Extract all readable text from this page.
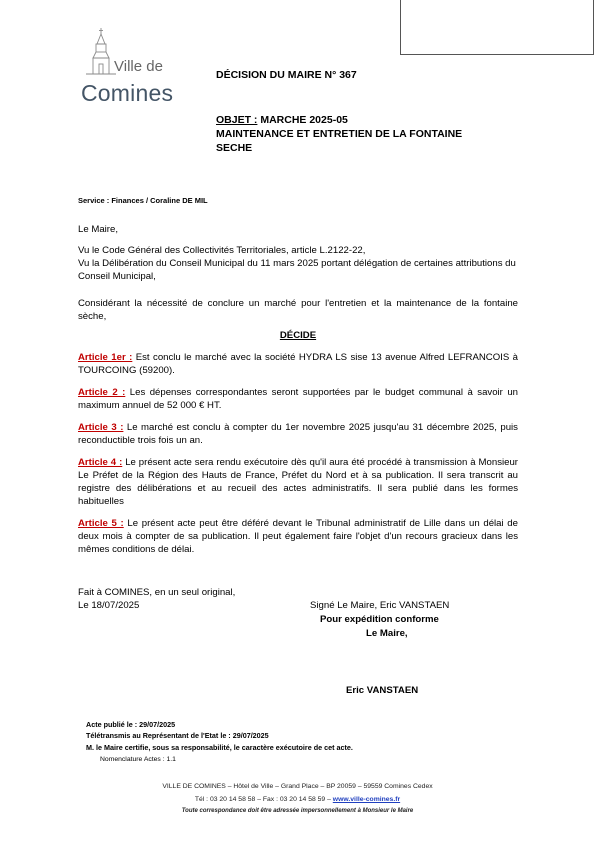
Ville de
Comines
DÉCISION DU MAIRE N° 367
OBJET : MARCHE 2025-05
MAINTENANCE ET ENTRETIEN DE LA FONTAINE
SECHE
Service : Finances / Coraline DE MIL
Le Maire,
Vu le Code Général des Collectivités Territoriales, article L.2122-22,
Vu la Délibération du Conseil Municipal du 11 mars 2025 portant délégation de certaines attributions du Conseil Municipal,
Considérant la nécessité de conclure un marché pour l'entretien et la maintenance de la fontaine sèche,
DÉCIDE
Article 1er : Est conclu le marché avec la société HYDRA LS sise 13 avenue Alfred LEFRANCOIS à TOURCOING (59200).
Article 2 : Les dépenses correspondantes seront supportées par le budget communal à savoir un maximum annuel de 52 000 € HT.
Article 3 : Le marché est conclu à compter du 1er novembre 2025 jusqu'au 31 décembre 2025, puis reconductible trois fois un an.
Article 4 : Le présent acte sera rendu exécutoire dès qu'il aura été procédé à transmission à Monsieur Le Préfet de la Région des Hauts de France, Préfet du Nord et à sa publication. Il sera transcrit au registre des délibérations et au recueil des actes administratifs. Il sera publié dans les formes habituelles
Article 5 : Le présent acte peut être déféré devant le Tribunal administratif de Lille dans un délai de deux mois à compter de sa publication. Il peut également faire l'objet d'un recours gracieux dans les mêmes conditions de délai.
Fait à COMINES, en un seul original,
Le 18/07/2025	Signé Le Maire, Eric VANSTAEN
Pour expédition conforme
Le Maire,
Eric VANSTAEN
Acte publié le : 29/07/2025
Télétransmis au Représentant de l'Etat le : 29/07/2025
M. le Maire certifie, sous sa responsabilité, le caractère exécutoire de cet acte.
Nomenclature Actes : 1.1
VILLE DE COMINES – Hôtel de Ville – Grand Place – BP 20059 – 59559 Comines Cedex
Tél : 03 20 14 58 58 – Fax : 03 20 14 58 59 – www.ville-comines.fr
Toute correspondance doit être adressée impersonnellement à Monsieur le Maire
